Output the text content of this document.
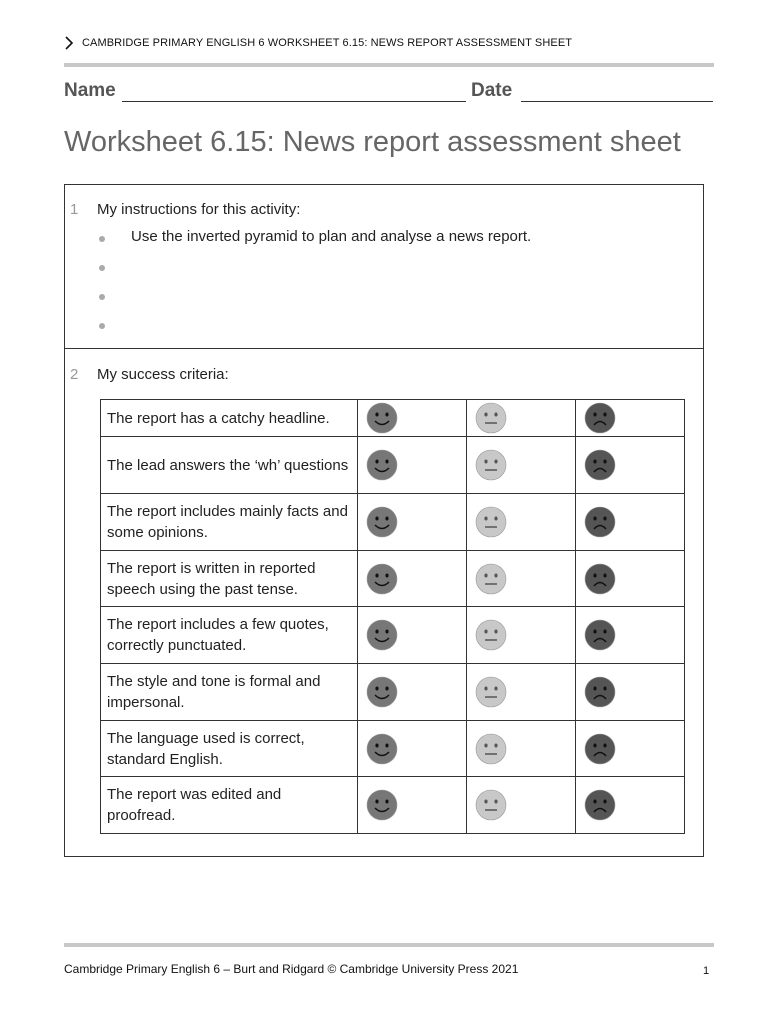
CAMBRIDGE PRIMARY ENGLISH 6 WORKSHEET 6.15: NEWS REPORT ASSESSMENT SHEET
Name	Date
Worksheet 6.15: News report assessment sheet
1 My instructions for this activity:
Use the inverted pyramid to plan and analyse a news report.
2 My success criteria:
The report has a catchy headline.	

The lead answers the ‘wh’ questions	

The report includes mainly facts and some opinions.	

The report is written in reported speech using the past tense.	

The report includes a few quotes, correctly punctuated.	

The style and tone is formal and impersonal.	

The language used is correct, standard English.	

The report was edited and proofread.	

Cambridge Primary English 6 – Burt and Ridgard © Cambridge University Press 2021	1
